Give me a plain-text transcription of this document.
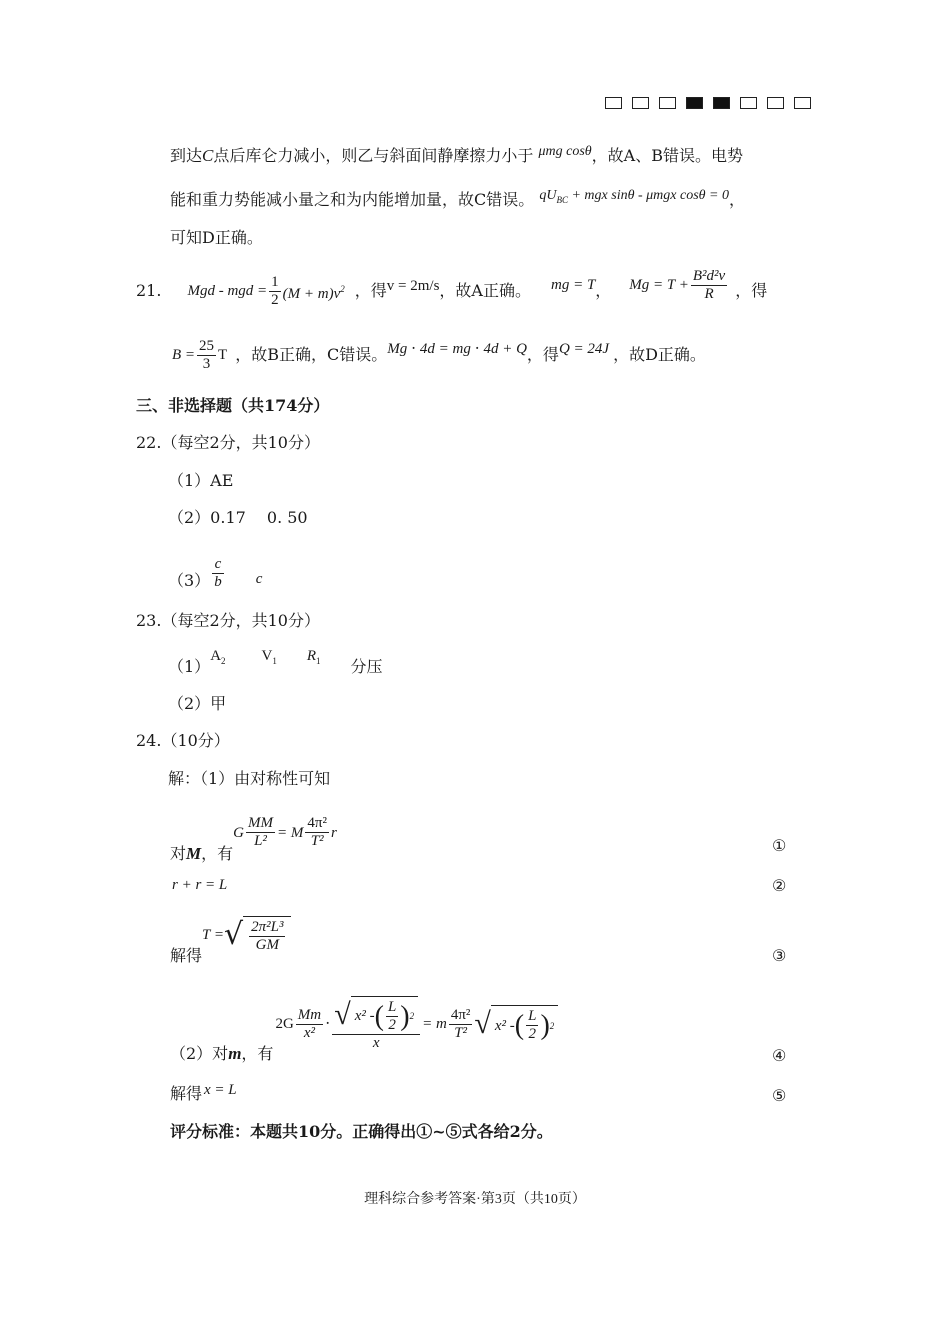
到达C点后库仑力减小，则乙与斜面间静摩擦力小于 μmg cosθ，故A、B错误。电势
能和重力势能减小量之和为内能增加量，故C错误。 $qU_{BC}$ + mgx sinθ - μmgx cosθ = 0，
可知D正确。
21. Mgd - mgd = $\frac{1}{2} (M + m)v^2$ ，得 v = 2m/s ，故A正确。 mg = T ， $Mg = T + \frac{\text{B²d²v}}{R}$ ，得
$B = \frac{25}{3}$ T ，故B正确，C错误。 Mg ⋅ 4d = mg ⋅ 4d + Q ，得 Q = 24J ，故D正确。
三、非选择题（共174分）
22.（每空2分，共10分）
（1）AE
（2）0.17　 0. 50
$(3) \frac{c}{b}$ c
23.（每空2分，共10分）
（1）
$A_2$ $V_1$ $R_1$ 分压
（2）甲
24.（10分）
解：（1）由对称性可知
对 M ，有
G $\frac{MM}{\text{L²}} = M \frac{\text{4π²}}{\text{T²}}$ r
①
r + r = L	②
解得
T = √ $\frac{\text{2π²L³}}{GM}$
③
（2）对 m ，有
$2G \frac{Mm}{\text{x²}} \cdot \frac{√ x^2 - ( \frac{L}{2} ) 2}{x} = m \frac{\text{4π²}}{\text{T²}}$ √ x² - ( $\frac{L}{2}$ ) 2
④
解得 x = L	⑤
评分标准：本题共10分。正确得出①~⑤式各给2分。
理科综合参考答案·第3页（共10页）
